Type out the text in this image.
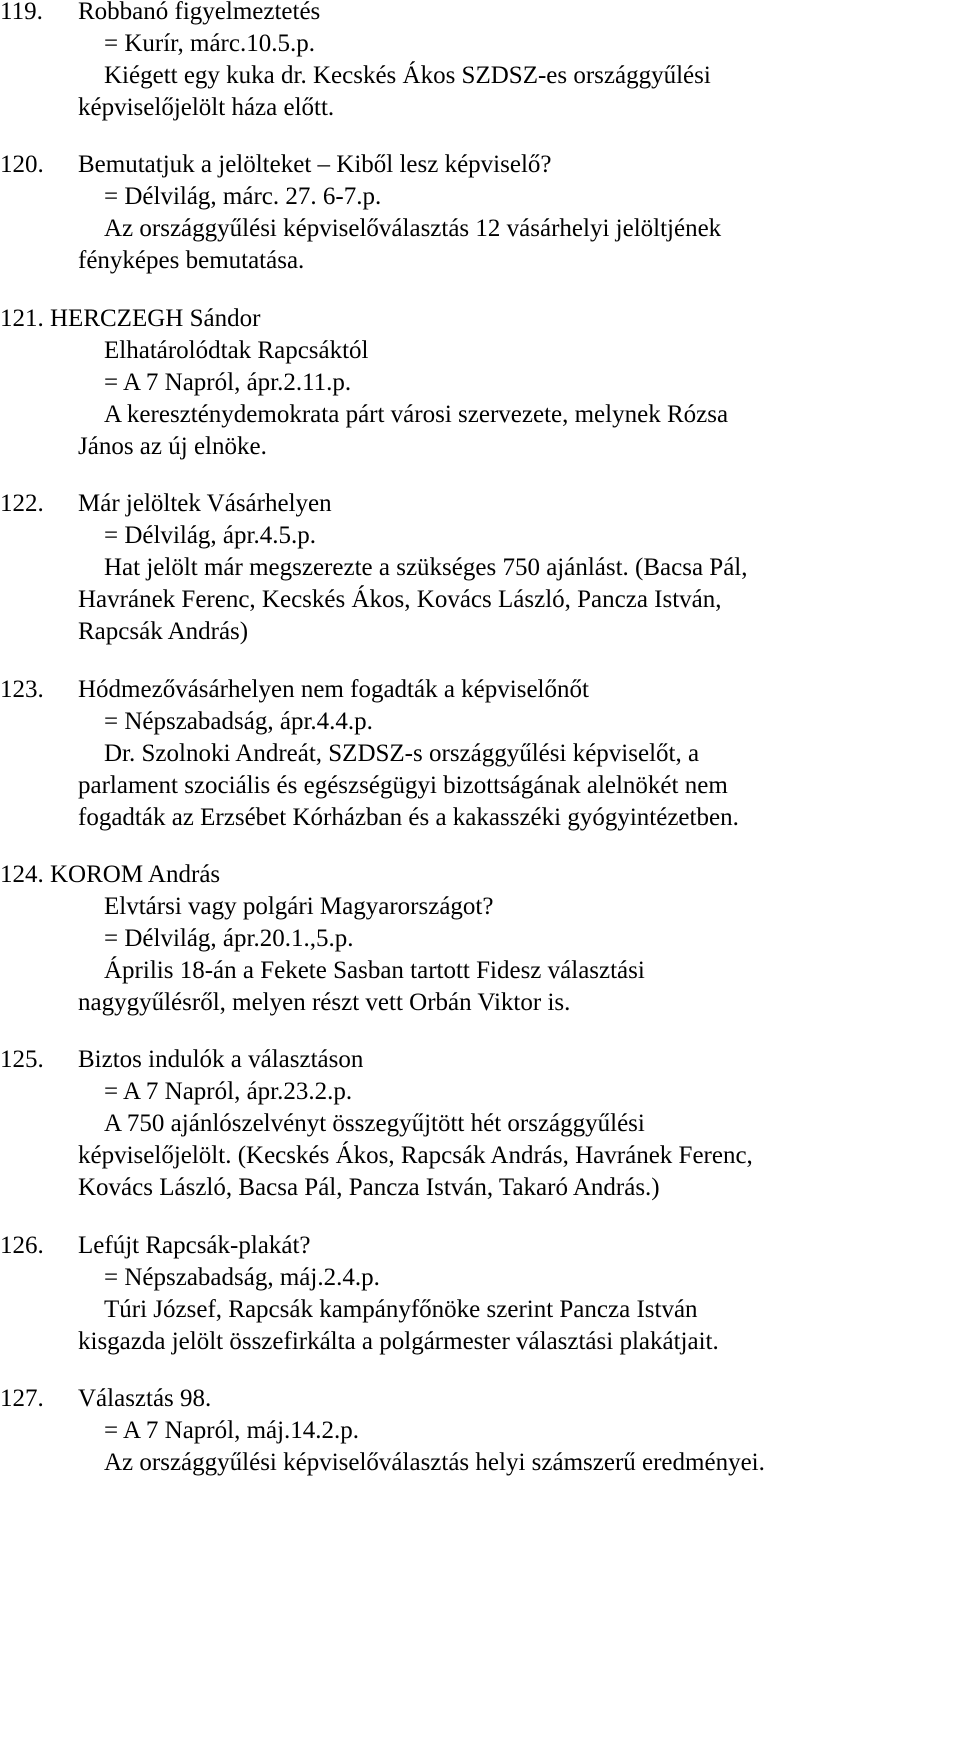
119. Robbanó figyelmeztetés
= Kurír, márc.10.5.p.
Kiégett egy kuka dr. Kecskés Ákos SZDSZ-es országgyűlési
képviselőjelölt háza előtt.
120. Bemutatjuk a jelölteket – Kiből lesz képviselő?
= Délvilág, márc. 27. 6-7.p.
Az országgyűlési képviselőválasztás 12 vásárhelyi jelöltjének
fényképes bemutatása.
121. HERCZEGH Sándor
Elhatárolódtak Rapcsáktól
= A 7 Napról, ápr.2.11.p.
A kereszténydemokrata párt városi szervezete, melynek Rózsa
János az új elnöke.
122. Már jelöltek Vásárhelyen
= Délvilág, ápr.4.5.p.
Hat jelölt már megszerezte a szükséges 750 ajánlást. (Bacsa Pál,
Havránek Ferenc, Kecskés Ákos, Kovács László, Pancza István,
Rapcsák András)
123. Hódmezővásárhelyen nem fogadták a képviselőnőt
= Népszabadság, ápr.4.4.p.
Dr. Szolnoki Andreát, SZDSZ-s országgyűlési képviselőt, a
parlament szociális és egészségügyi bizottságának alelnökét nem
fogadták az Erzsébet Kórházban és a kakasszéki gyógyintézetben.
124. KOROM András
Elvtársi vagy polgári Magyarországot?
= Délvilág, ápr.20.1.,5.p.
Április 18-án a Fekete Sasban tartott Fidesz választási
nagygyűlésről, melyen részt vett Orbán Viktor is.
125. Biztos indulók a választáson
= A 7 Napról, ápr.23.2.p.
A 750 ajánlószelvényt összegyűjtött hét országgyűlési
képviselőjelölt. (Kecskés Ákos, Rapcsák András, Havránek Ferenc,
Kovács László, Bacsa Pál, Pancza István, Takaró András.)
126. Lefújt Rapcsák-plakát?
= Népszabadság, máj.2.4.p.
Túri József, Rapcsák kampányfőnöke szerint Pancza István
kisgazda jelölt összefirkálta a polgármester választási plakátjait.
127. Választás 98.
= A 7 Napról, máj.14.2.p.
Az országgyűlési képviselőválasztás helyi számszerű eredményei.
